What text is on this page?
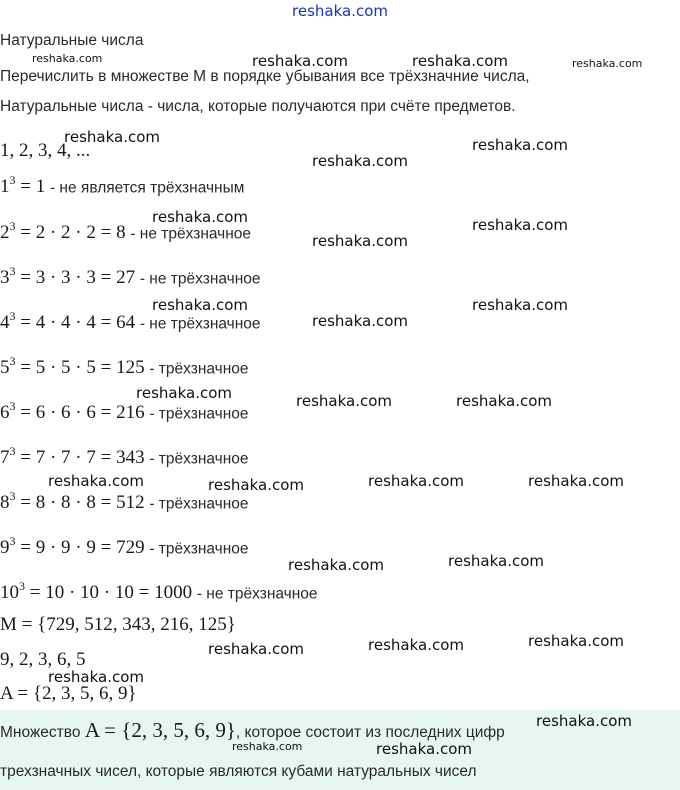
reshaka.com
Натуральные числа
Перечислить в множестве M в порядке убывания все трёхзначние числа,
Натуральные числа - числа, которые получаются при счёте предметов.
1, 2, 3, 4, ...
$1^3 = 1$ - не является трёхзначным
$2^3 = 2 \cdot 2 \cdot 2 = 8$ - не трёхзначное
$3^3 = 3 \cdot 3 \cdot 3 = 27$ - не трёхзначное
$4^3 = 4 \cdot 4 \cdot 4 = 64$ - не трёхзначное
$5^3 = 5 \cdot 5 \cdot 5 = 125$ - трёхзначное
$6^3 = 6 \cdot 6 \cdot 6 = 216$ - трёхзначное
$7^3 = 7 \cdot 7 \cdot 7 = 343$ - трёхзначное
$8^3 = 8 \cdot 8 \cdot 8 = 512$ - трёхзначное
$9^3 = 9 \cdot 9 \cdot 9 = 729$ - трёхзначное
$10^3 = 10 \cdot 10 \cdot 10 = 1000$ - не трёхзначное
M = {729, 512, 343, 216, 125}
9, 2, 3, 6, 5
A = {2, 3, 5, 6, 9}
Множество A = {2, 3, 5, 6, 9}, которое состоит из последних цифр
трехзначных чисел, которые являются кубами натуральных чисел
reshaka.com	reshaka.com	reshaka.com	reshaka.com
reshaka.com	reshaka.com
reshaka.com
reshaka.com	reshaka.com
reshaka.com
reshaka.com	reshaka.com
reshaka.com
reshaka.com	reshaka.com	reshaka.com
reshaka.com	reshaka.com	reshaka.com
reshaka.com
reshaka.com
reshaka.com
reshaka.com
reshaka.com
reshaka.com
reshaka.com
reshaka.com
reshaka.com	reshaka.com
